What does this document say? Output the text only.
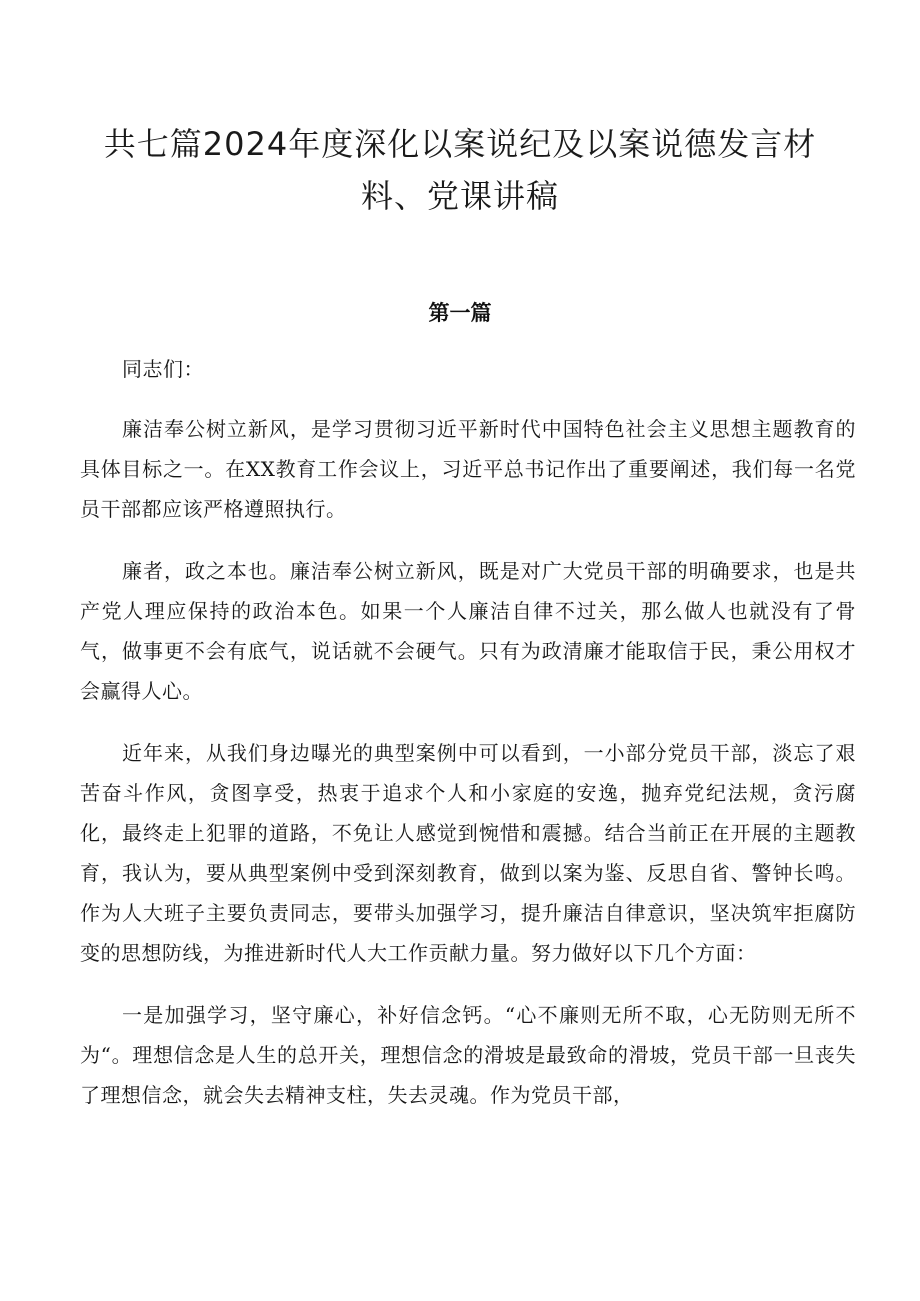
共七篇2024年度深化以案说纪及以案说德发言材料、党课讲稿
第一篇

同志们：

廉洁奉公树立新风，是学习贯彻习近平新时代中国特色社会主义思想主题教育的具体目标之一。在XX教育工作会议上，习近平总书记作出了重要阐述，我们每一名党员干部都应该严格遵照执行。

廉者，政之本也。廉洁奉公树立新风，既是对广大党员干部的明确要求，也是共产党人理应保持的政治本色。如果一个人廉洁自律不过关，那么做人也就没有了骨气，做事更不会有底气，说话就不会硬气。只有为政清廉才能取信于民，秉公用权才会赢得人心。

近年来，从我们身边曝光的典型案例中可以看到，一小部分党员干部，淡忘了艰苦奋斗作风，贪图享受，热衷于追求个人和小家庭的安逸，抛弃党纪法规，贪污腐化，最终走上犯罪的道路，不免让人感觉到惋惜和震撼。结合当前正在开展的主题教育，我认为，要从典型案例中受到深刻教育，做到以案为鉴、反思自省、警钟长鸣。作为人大班子主要负责同志，要带头加强学习，提升廉洁自律意识，坚决筑牢拒腐防变的思想防线，为推进新时代人大工作贡献力量。努力做好以下几个方面：

一是加强学习，坚守廉心，补好信念钙。“心不廉则无所不取，心无防则无所不为“。理想信念是人生的总开关，理想信念的滑坡是最致命的滑坡，党员干部一旦丧失了理想信念，就会失去精神支柱，失去灵魂。作为党员干部，
